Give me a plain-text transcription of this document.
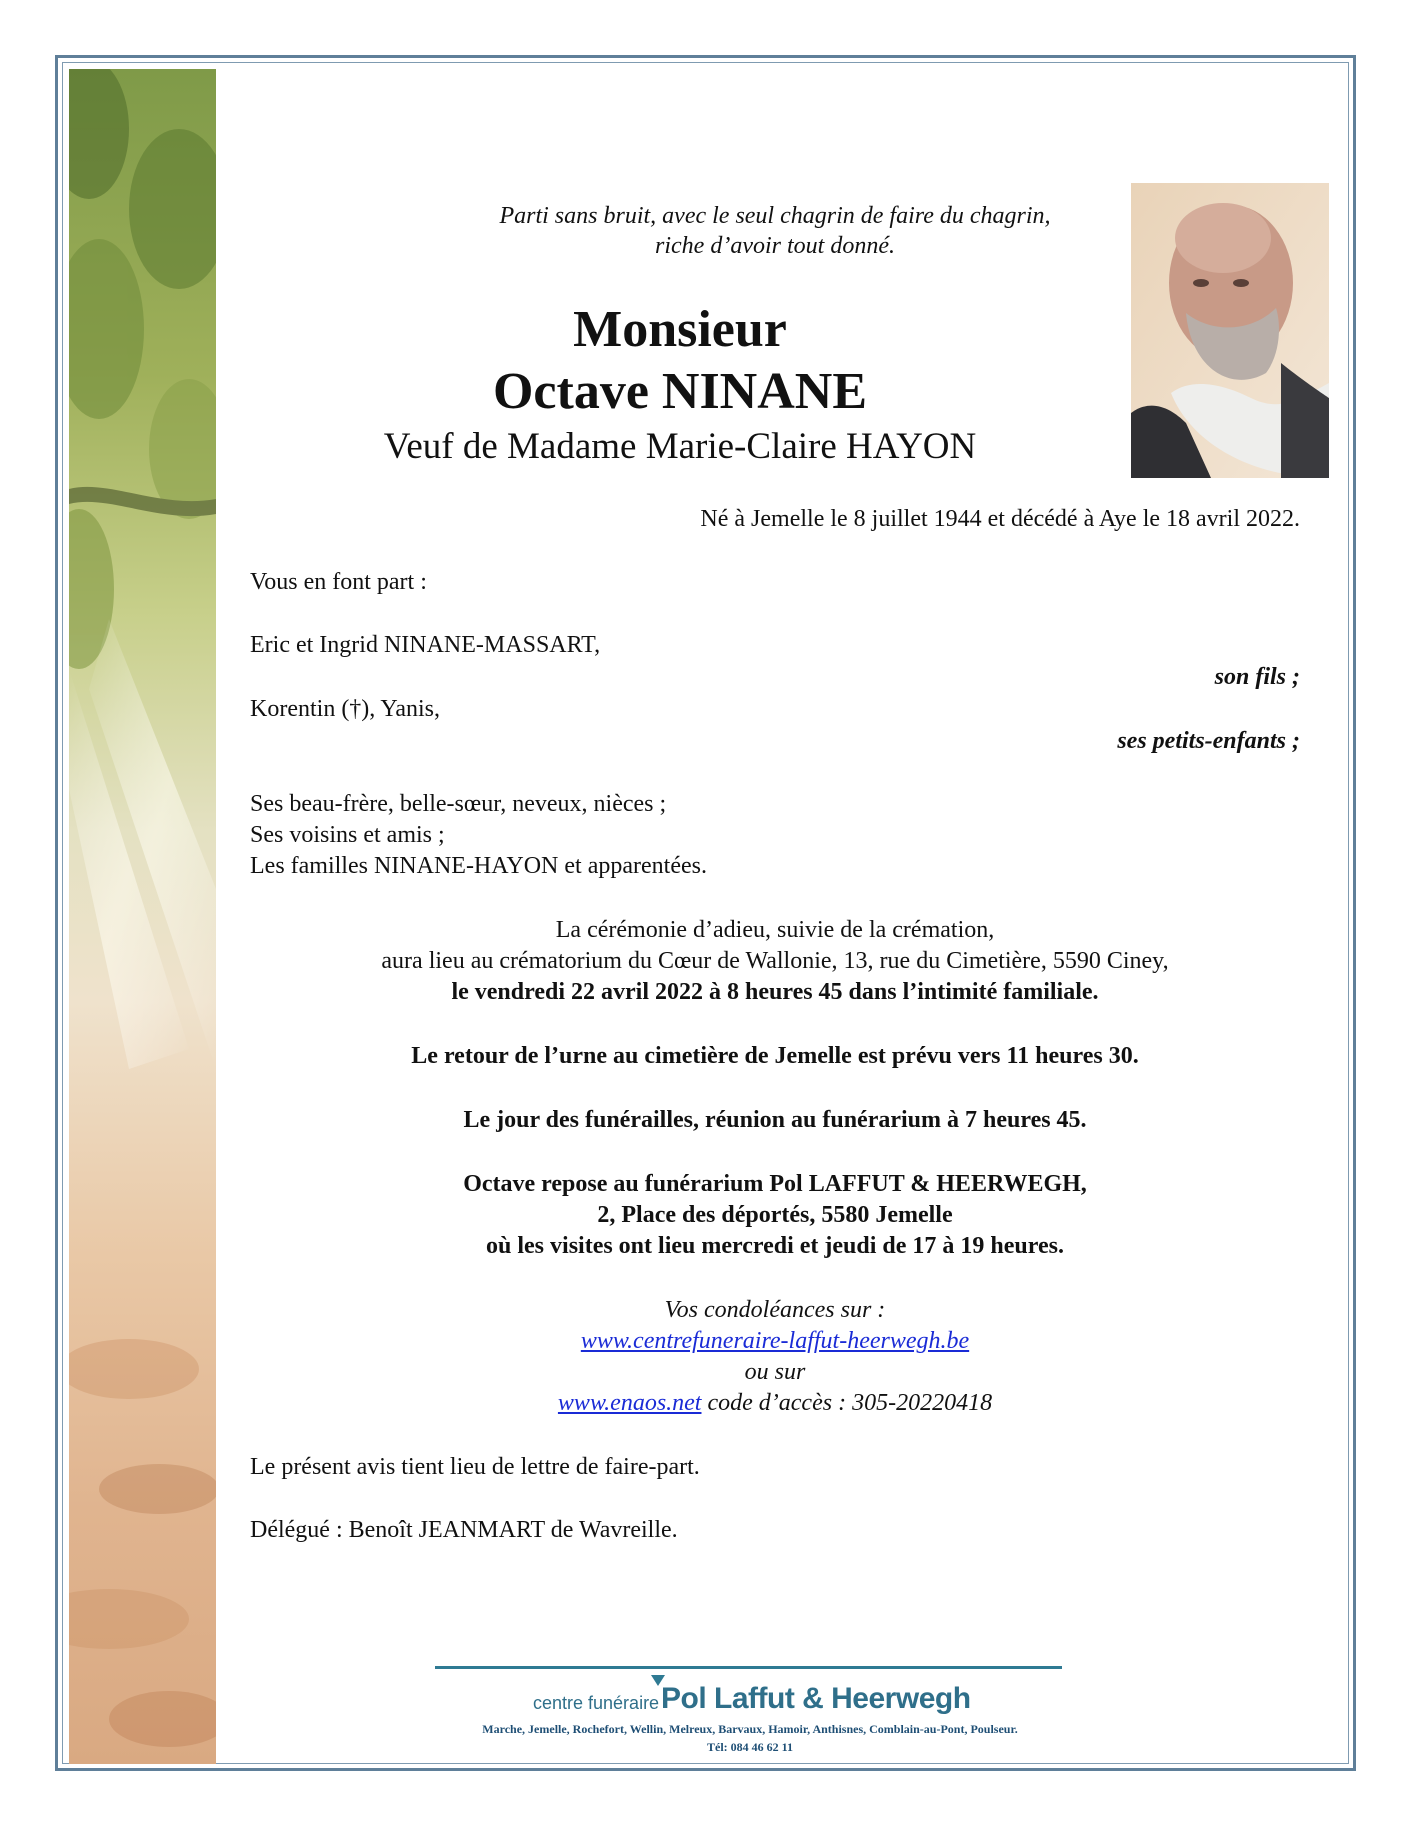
Parti sans bruit, avec le seul chagrin de faire du chagrin,
riche d’avoir tout donné.
Monsieur
Octave NINANE
Veuf de Madame Marie-Claire HAYON
Né à Jemelle le 8 juillet 1944 et décédé à Aye le 18 avril 2022.
Vous en font part :
Eric et Ingrid NINANE-MASSART,
son fils ;
Korentin (†), Yanis,
ses petits-enfants ;
Ses beau-frère, belle-sœur, neveux, nièces ;
Ses voisins et amis ;
Les familles NINANE-HAYON et apparentées.
La cérémonie d’adieu, suivie de la crémation,
aura lieu au crématorium du Cœur de Wallonie, 13, rue du Cimetière, 5590 Ciney,
le vendredi 22 avril 2022 à 8 heures 45 dans l’intimité familiale.
Le retour de l’urne au cimetière de Jemelle est prévu vers 11 heures 30.
Le jour des funérailles, réunion au funérarium à 7 heures 45.
Octave repose au funérarium Pol LAFFUT & HEERWEGH,
2, Place des déportés, 5580 Jemelle
où les visites ont lieu mercredi et jeudi de 17 à 19 heures.
Vos condoléances sur :
www.centrefuneraire-laffut-heerwegh.be
ou sur
www.enaos.net code d’accès : 305-20220418
Le présent avis tient lieu de lettre de faire-part.
Délégué : Benoît JEANMART de Wavreille.
centre funéraire Pol Laffut & Heerwegh
Marche, Jemelle, Rochefort, Wellin, Melreux, Barvaux, Hamoir, Anthisnes, Comblain-au-Pont, Poulseur.
Tél: 084 46 62 11
